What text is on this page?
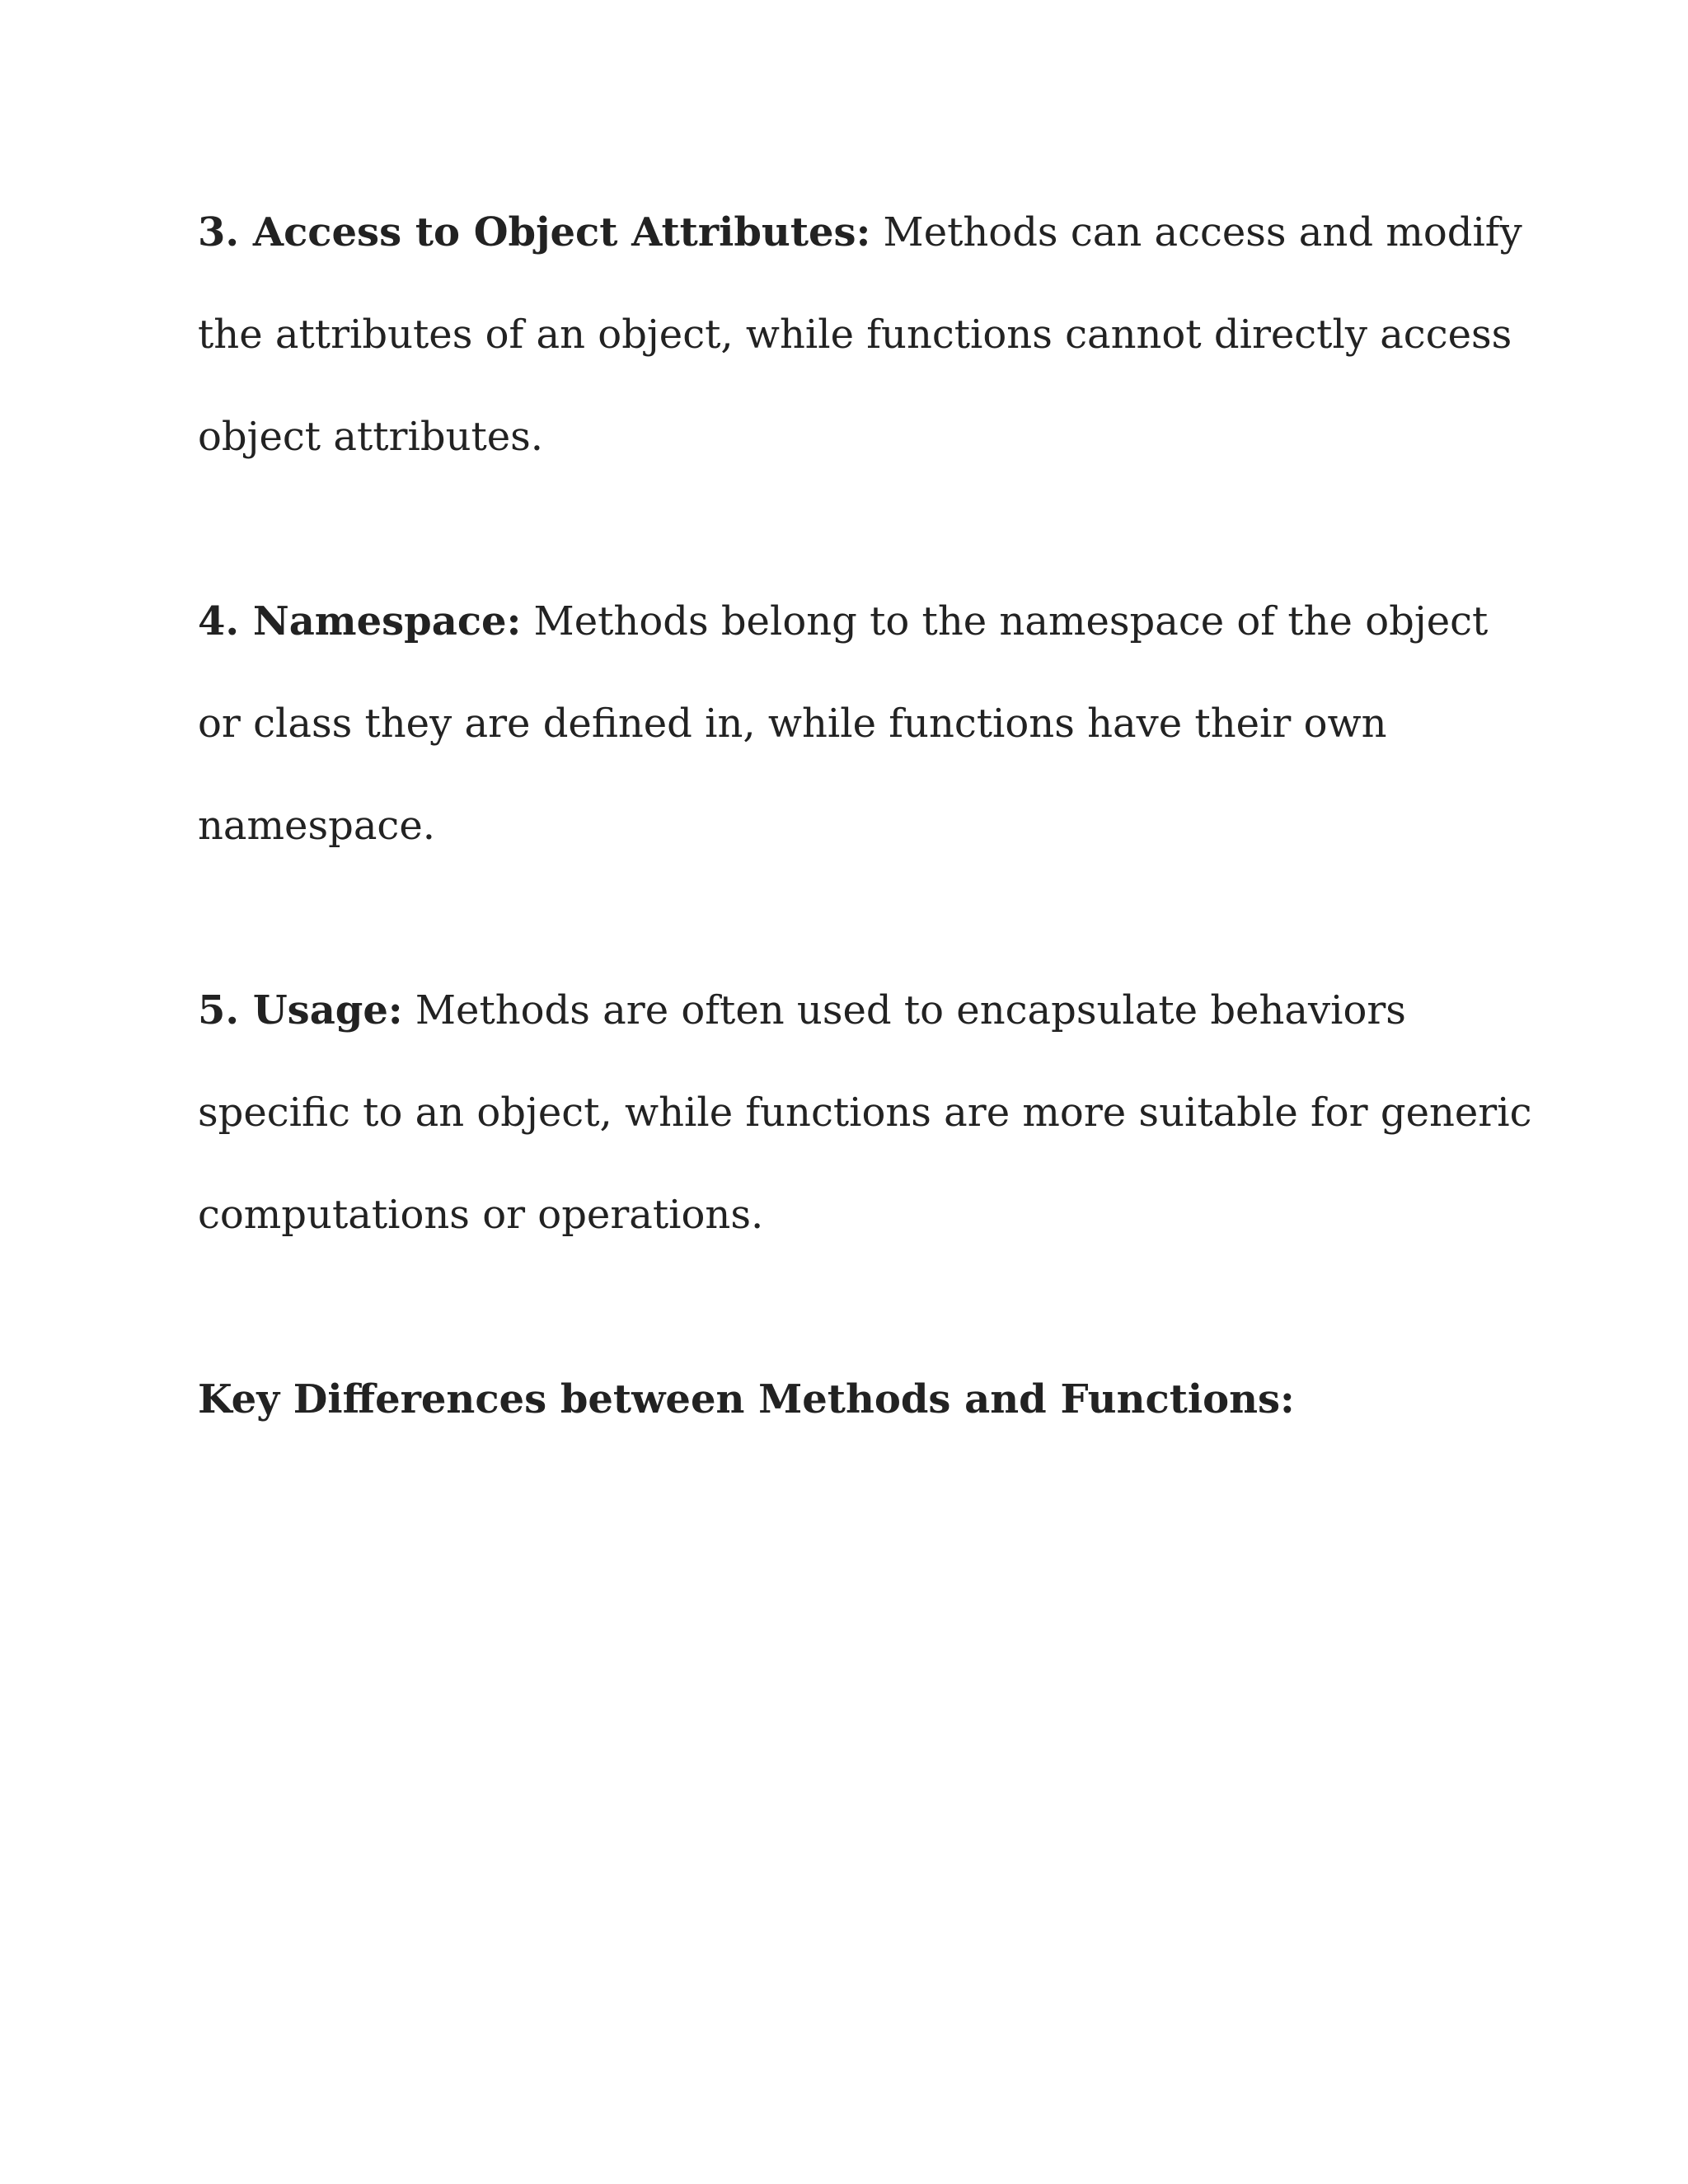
3. Access to Object Attributes: Methods can access and modify the attributes of an object, while functions cannot directly access object attributes.

4. Namespace: Methods belong to the namespace of the object or class they are defined in, while functions have their own namespace.

5. Usage: Methods are often used to encapsulate behaviors specific to an object, while functions are more suitable for generic computations or operations.

Key Differences between Methods and Functions:
